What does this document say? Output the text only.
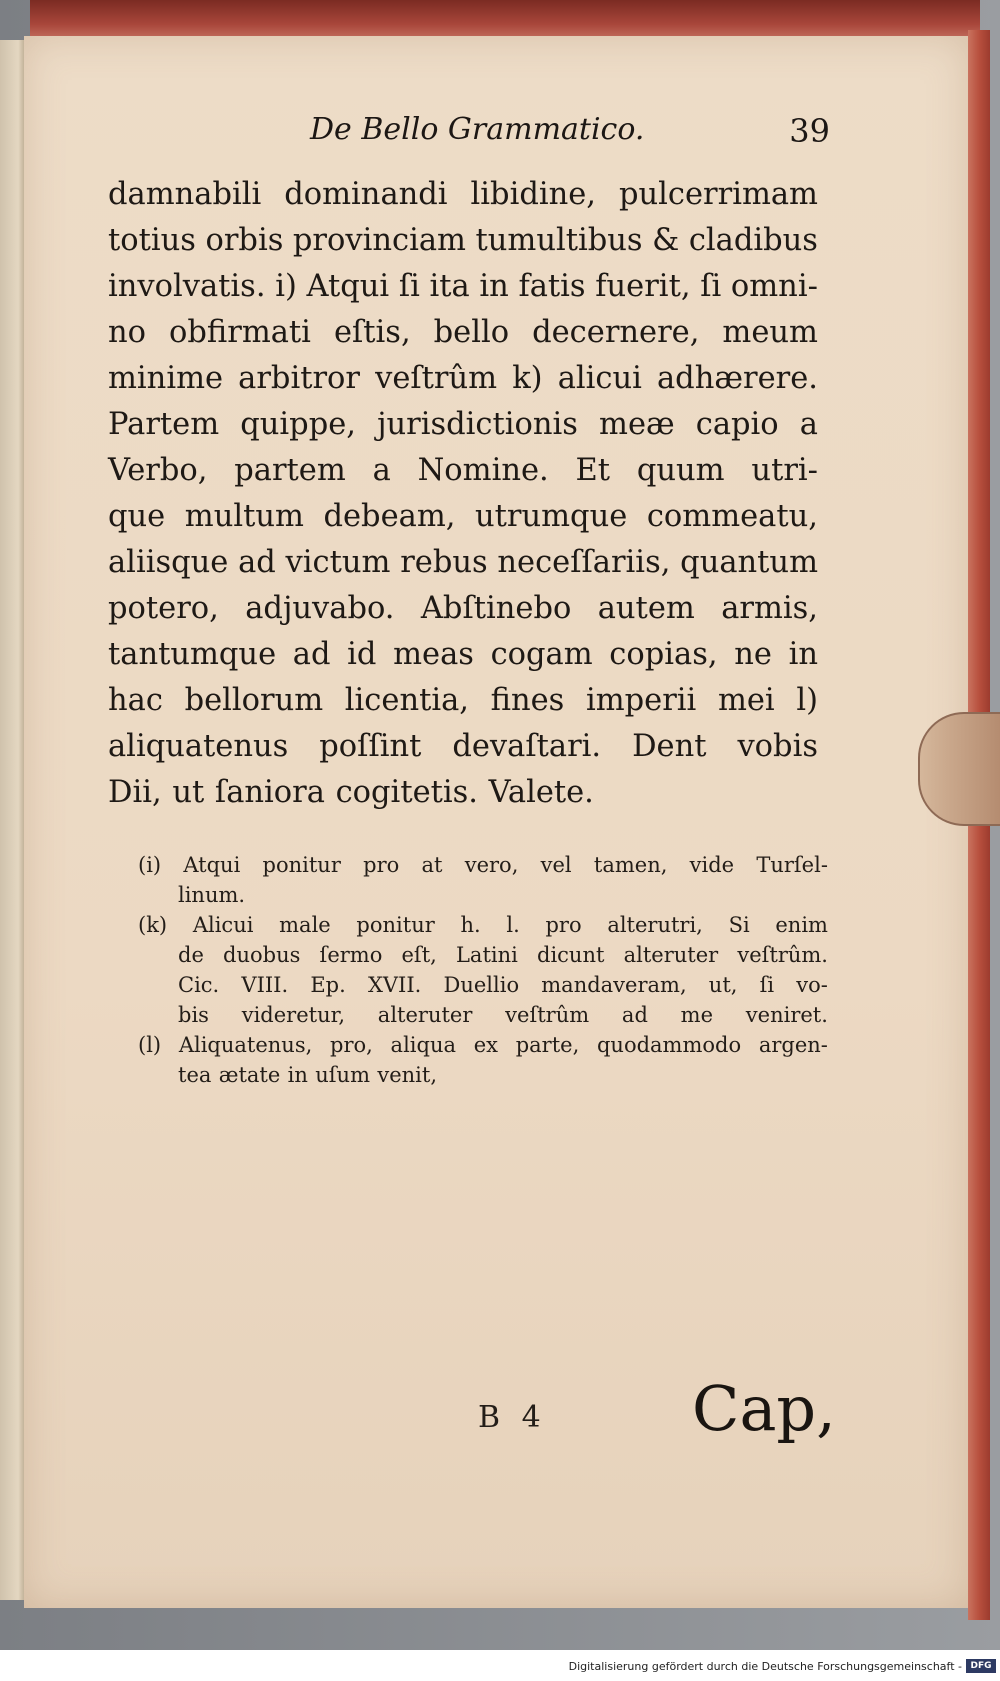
De Bello Grammatico.	39
damnabili dominandi libidine, pulcerrimam
totius orbis provinciam tumultibus & cladibus
involvatis. i) Atqui ſi ita in fatis fuerit, ſi omni-
no obfirmati eſtis, bello decernere, meum
minime arbitror veſtrûm k) alicui adhærere.
Partem quippe, jurisdictionis meæ capio a
Verbo, partem a Nomine. Et quum utri-
que multum debeam, utrumque commeatu,
aliisque ad victum rebus neceſſariis, quantum
potero, adjuvabo. Abſtinebo autem armis,
tantumque ad id meas cogam copias, ne in
hac bellorum licentia, fines imperii mei l)
aliquatenus poſſint devaſtari. Dent vobis
Dii, ut ſaniora cogitetis. Valete.
(i) Atqui ponitur pro at vero, vel tamen, vide Turſel-
linum.
(k) Alicui male ponitur h. l. pro alterutri, Si enim
de duobus ſermo eſt, Latini dicunt alteruter veſtrûm.
Cic. VIII. Ep. XVII. Duellio mandaveram, ut, ſi vo-
bis videretur, alteruter veſtrûm ad me veniret.
(l) Aliquatenus, pro, aliqua ex parte, quodammodo argen-
tea ætate in uſum venit,
B 4 Cap,
Digitalisierung gefördert durch die Deutsche Forschungsgemeinschaft - DFG
